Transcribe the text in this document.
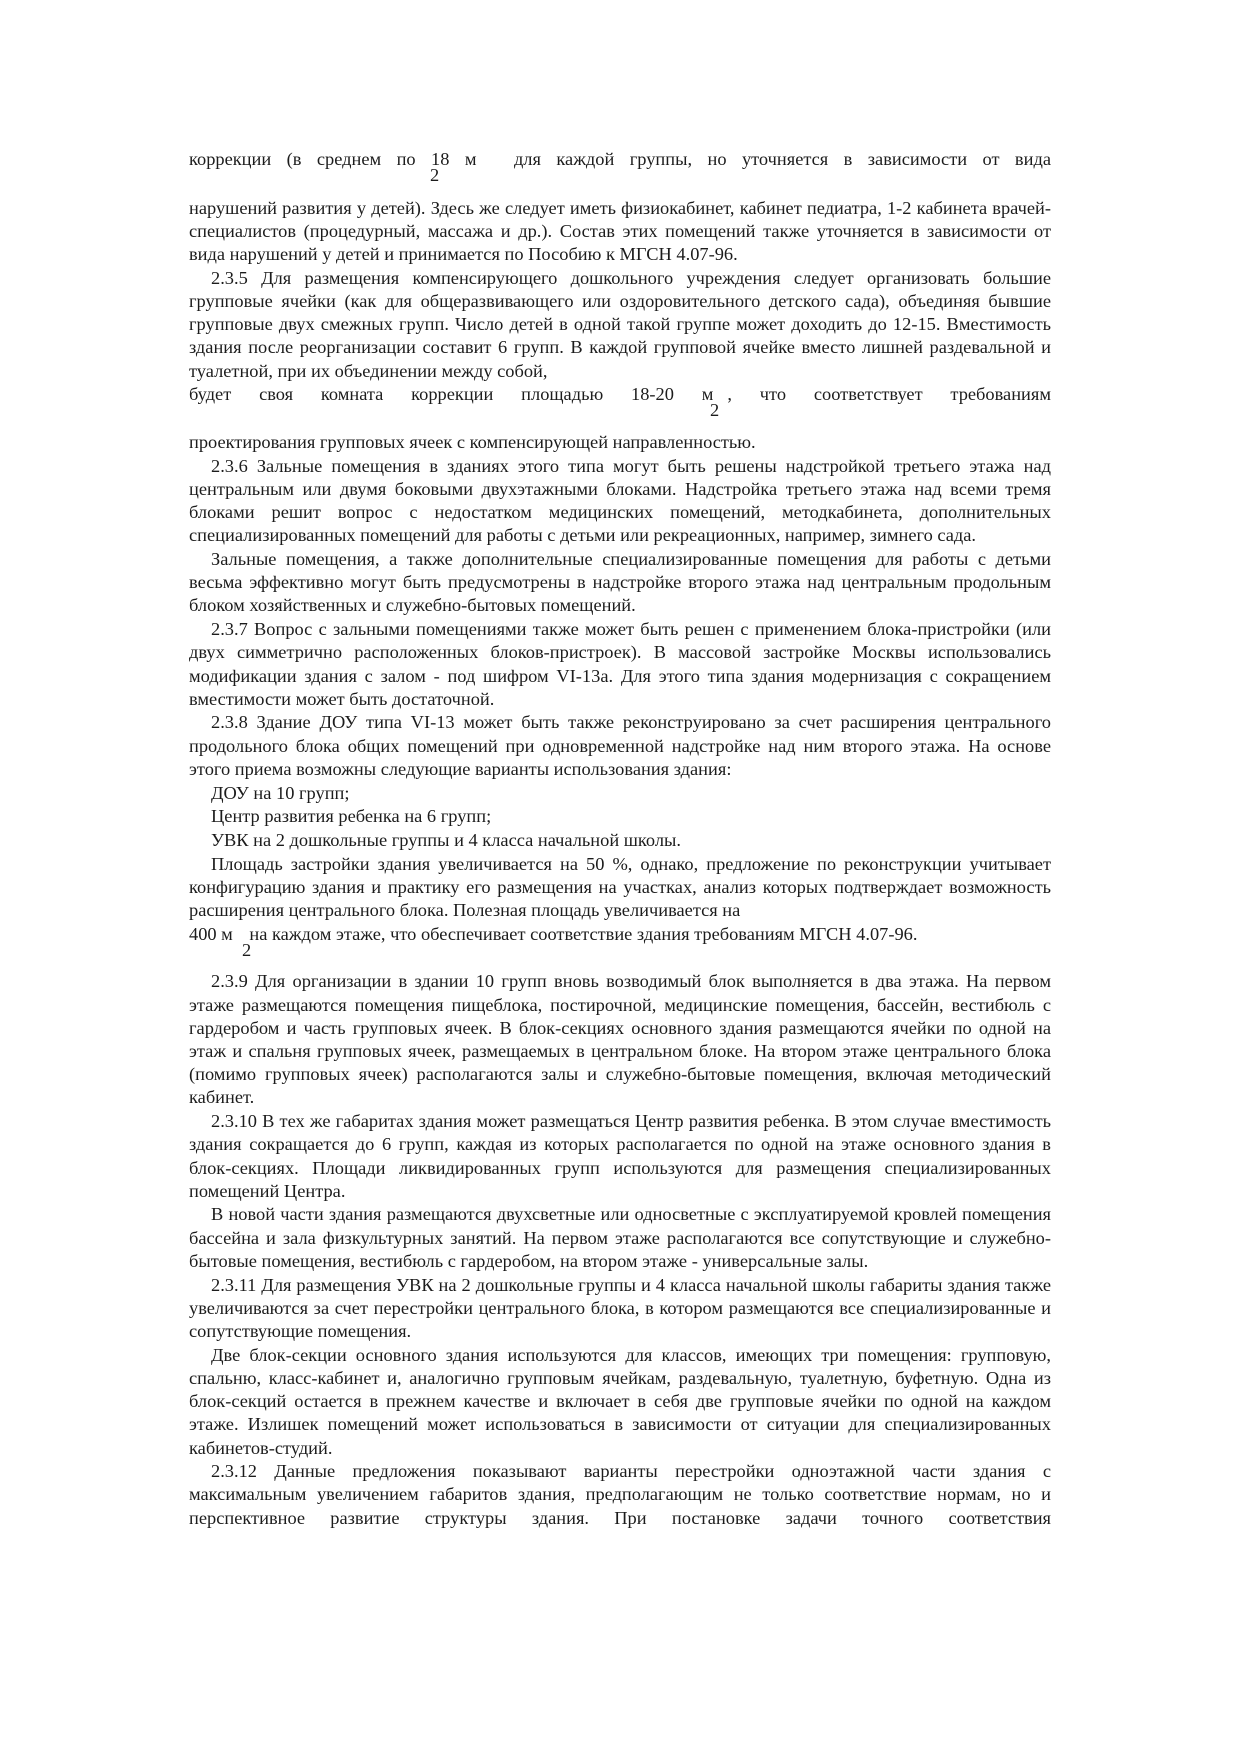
коррекции (в среднем по 18 м для каждой группы, но уточняется в зависимости от вида
2
нарушений развития у детей). Здесь же следует иметь физиокабинет, кабинет педиатра, 1-2 кабинета врачей-специалистов (процедурный, массажа и др.). Состав этих помещений также уточняется в зависимости от вида нарушений у детей и принимается по Пособию к МГСН 4.07-96.
2.3.5 Для размещения компенсирующего дошкольного учреждения следует организовать большие групповые ячейки (как для общеразвивающего или оздоровительного детского сада), объединяя бывшие групповые двух смежных групп. Число детей в одной такой группе может доходить до 12-15. Вместимость здания после реорганизации составит 6 групп. В каждой групповой ячейке вместо лишней раздевальной и туалетной, при их объединении между собой,
будет своя комната коррекции площадью 18-20 м , что соответствует требованиям
2
проектирования групповых ячеек с компенсирующей направленностью.
2.3.6 Зальные помещения в зданиях этого типа могут быть решены надстройкой третьего этажа над центральным или двумя боковыми двухэтажными блоками. Надстройка третьего этажа над всеми тремя блоками решит вопрос с недостатком медицинских помещений, методкабинета, дополнительных специализированных помещений для работы с детьми или рекреационных, например, зимнего сада.
Зальные помещения, а также дополнительные специализированные помещения для работы с детьми весьма эффективно могут быть предусмотрены в надстройке второго этажа над центральным продольным блоком хозяйственных и служебно-бытовых помещений.
2.3.7 Вопрос с зальными помещениями также может быть решен с применением блока-пристройки (или двух симметрично расположенных блоков-пристроек). В массовой застройке Москвы использовались модификации здания с залом - под шифром VI-13а. Для этого типа здания модернизация с сокращением вместимости может быть достаточной.
2.3.8 Здание ДОУ типа VI-13 может быть также реконструировано за счет расширения центрального продольного блока общих помещений при одновременной надстройке над ним второго этажа. На основе этого приема возможны следующие варианты использования здания:
ДОУ на 10 групп;
Центр развития ребенка на 6 групп;
УВК на 2 дошкольные группы и 4 класса начальной школы.
Площадь застройки здания увеличивается на 50 %, однако, предложение по реконструкции учитывает конфигурацию здания и практику его размещения на участках, анализ которых подтверждает возможность расширения центрального блока. Полезная площадь увеличивается на
400 м на каждом этаже, что обеспечивает соответствие здания требованиям МГСН 4.07-96.
2
2.3.9 Для организации в здании 10 групп вновь возводимый блок выполняется в два этажа. На первом этаже размещаются помещения пищеблока, постирочной, медицинские помещения, бассейн, вестибюль с гардеробом и часть групповых ячеек. В блок-секциях основного здания размещаются ячейки по одной на этаж и спальня групповых ячеек, размещаемых в центральном блоке. На втором этаже центрального блока (помимо групповых ячеек) располагаются залы и служебно-бытовые помещения, включая методический кабинет.
2.3.10 В тех же габаритах здания может размещаться Центр развития ребенка. В этом случае вместимость здания сокращается до 6 групп, каждая из которых располагается по одной на этаже основного здания в блок-секциях. Площади ликвидированных групп используются для размещения специализированных помещений Центра.
В новой части здания размещаются двухсветные или односветные с эксплуатируемой кровлей помещения бассейна и зала физкультурных занятий. На первом этаже располагаются все сопутствующие и служебно-бытовые помещения, вестибюль с гардеробом, на втором этаже - универсальные залы.
2.3.11 Для размещения УВК на 2 дошкольные группы и 4 класса начальной школы габариты здания также увеличиваются за счет перестройки центрального блока, в котором размещаются все специализированные и сопутствующие помещения.
Две блок-секции основного здания используются для классов, имеющих три помещения: групповую, спальню, класс-кабинет и, аналогично групповым ячейкам, раздевальную, туалетную, буфетную. Одна из блок-секций остается в прежнем качестве и включает в себя две групповые ячейки по одной на каждом этаже. Излишек помещений может использоваться в зависимости от ситуации для специализированных кабинетов-студий.
2.3.12 Данные предложения показывают варианты перестройки одноэтажной части здания с максимальным увеличением габаритов здания, предполагающим не только соответствие нормам, но и перспективное развитие структуры здания. При постановке задачи точного соответствия
